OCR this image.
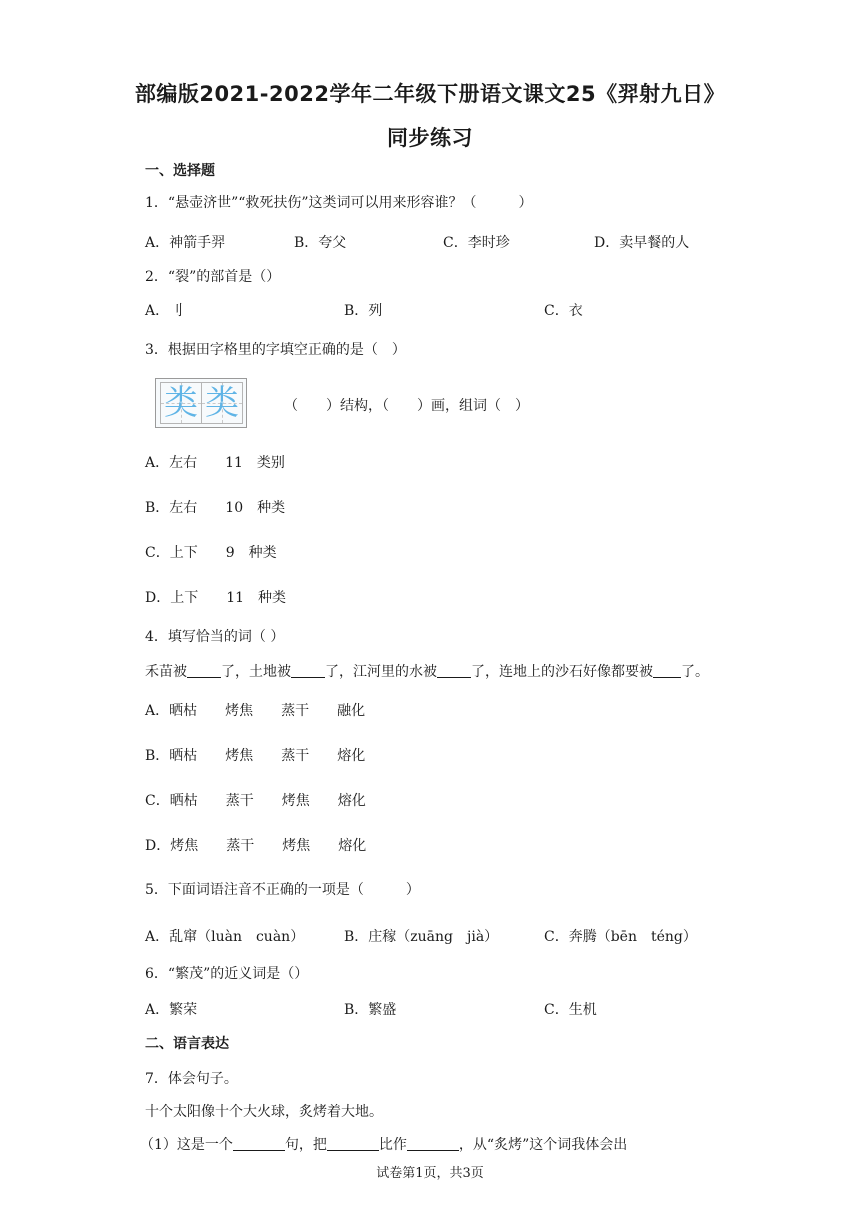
部编版2021-2022学年二年级下册语文课文25《羿射九日》
同步练习
一、选择题
1．“悬壶济世”“救死扶伤”这类词可以用来形容谁？（　　　）
A．神箭手羿	B．夸父	C．李时珍	D．卖早餐的人
2．“裂”的部首是（）
A．刂	B．列	C．衣
3．根据田字格里的字填空正确的是（　）
类 类	（　　）结构，（　　）画，组词（　）
A．左右　　11　类别
B．左右　　10　种类
C．上下　　9　种类
D．上下　　11　种类
4．填写恰当的词（ ）
禾苗被 了，土地被 了，江河里的水被 了，连地上的沙石好像都要被 了。
A．晒枯　　烤焦　　蒸干　　融化
B．晒枯　　烤焦　　蒸干　　熔化
C．晒枯　　蒸干　　烤焦　　熔化
D．烤焦　　蒸干　　烤焦　　熔化
5．下面词语注音不正确的一项是（　　　）
A．乱窜（luàn　cuàn）	B．庄稼（zuāng　jià）	C．奔腾（bēn　téng）
6．“繁茂”的近义词是（）
A．繁荣	B．繁盛	C．生机
二、语言表达
7．体会句子。
十个太阳像十个大火球，炙烤着大地。
（1）这是一个	句，把	比作	，从“炙烤”这个词我体会出
试卷第1页，共3页
